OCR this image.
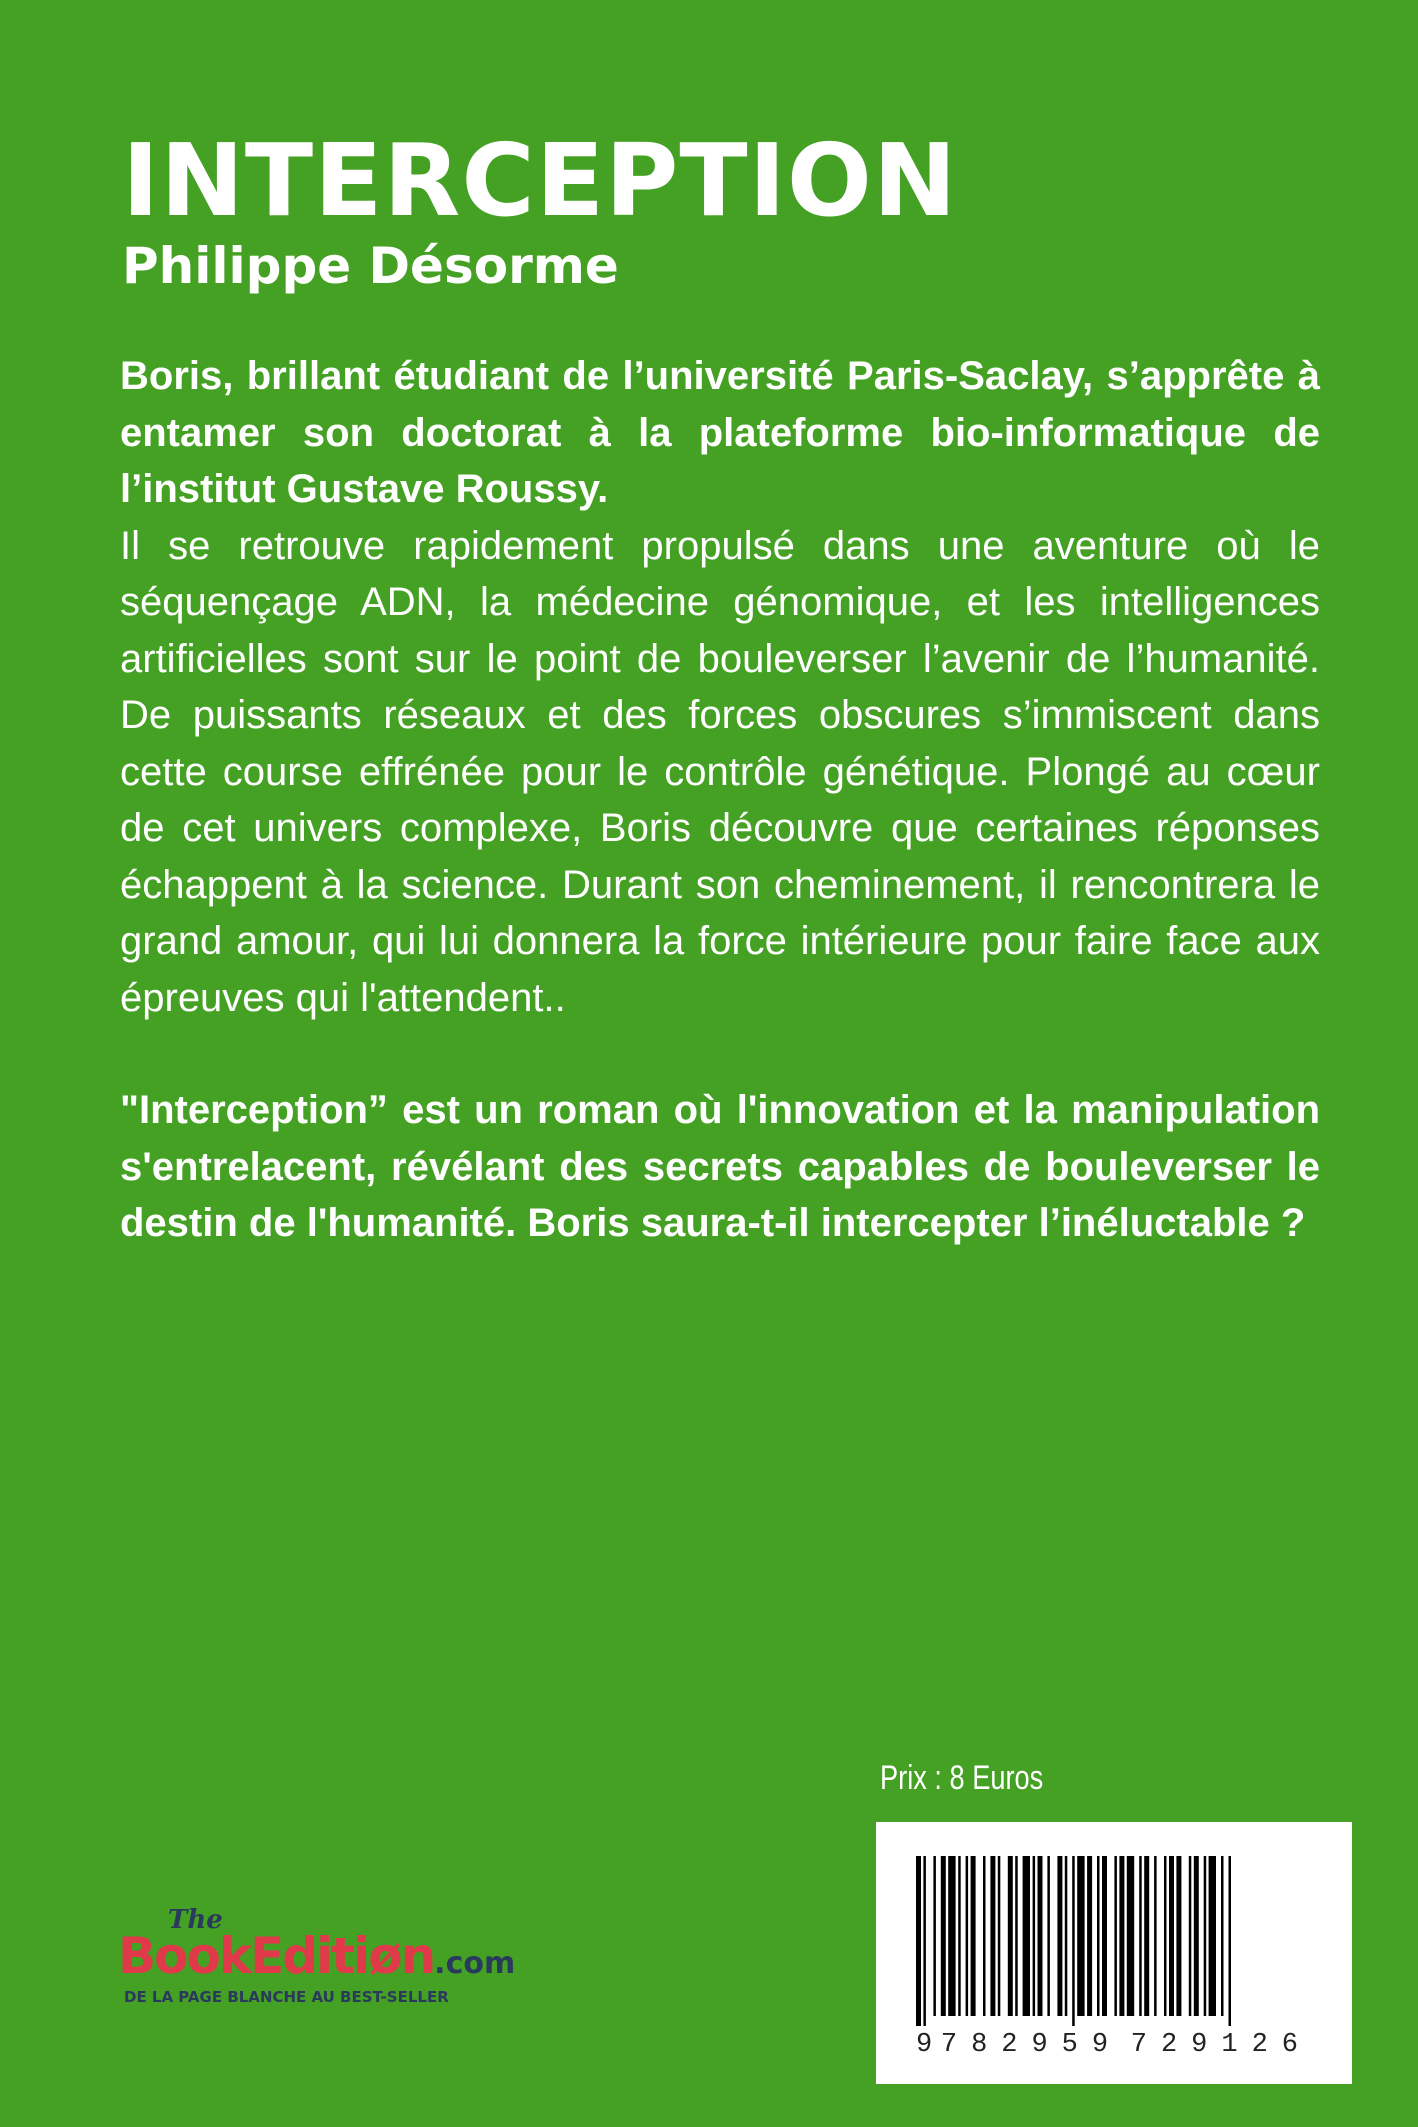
INTERCEPTION
Philippe Désorme

Boris, brillant étudiant de l’université Paris-Saclay, s’apprête à entamer son doctorat à la plateforme bio-informatique de l’institut Gustave Roussy.

Il se retrouve rapidement propulsé dans une aventure où le séquençage ADN, la médecine génomique, et les intelligences artificielles sont sur le point de bouleverser l’avenir de l’humanité. De puissants réseaux et des forces obscures s’immiscent dans cette course effrénée pour le contrôle génétique. Plongé au cœur de cet univers complexe, Boris découvre que certaines réponses échappent à la science. Durant son cheminement, il rencontrera le grand amour, qui lui donnera la force intérieure pour faire face aux épreuves qui l'attendent..

"Interception” est un roman où l'innovation et la manipulation s'entrelacent, révélant des secrets capables de bouleverser le destin de l'humanité. Boris saura-t-il intercepter l’inéluctable ?

Prix : 8 Euros
9 782959 729126
The
BookEditiøn.com
DE LA PAGE BLANCHE AU BEST-SELLER
